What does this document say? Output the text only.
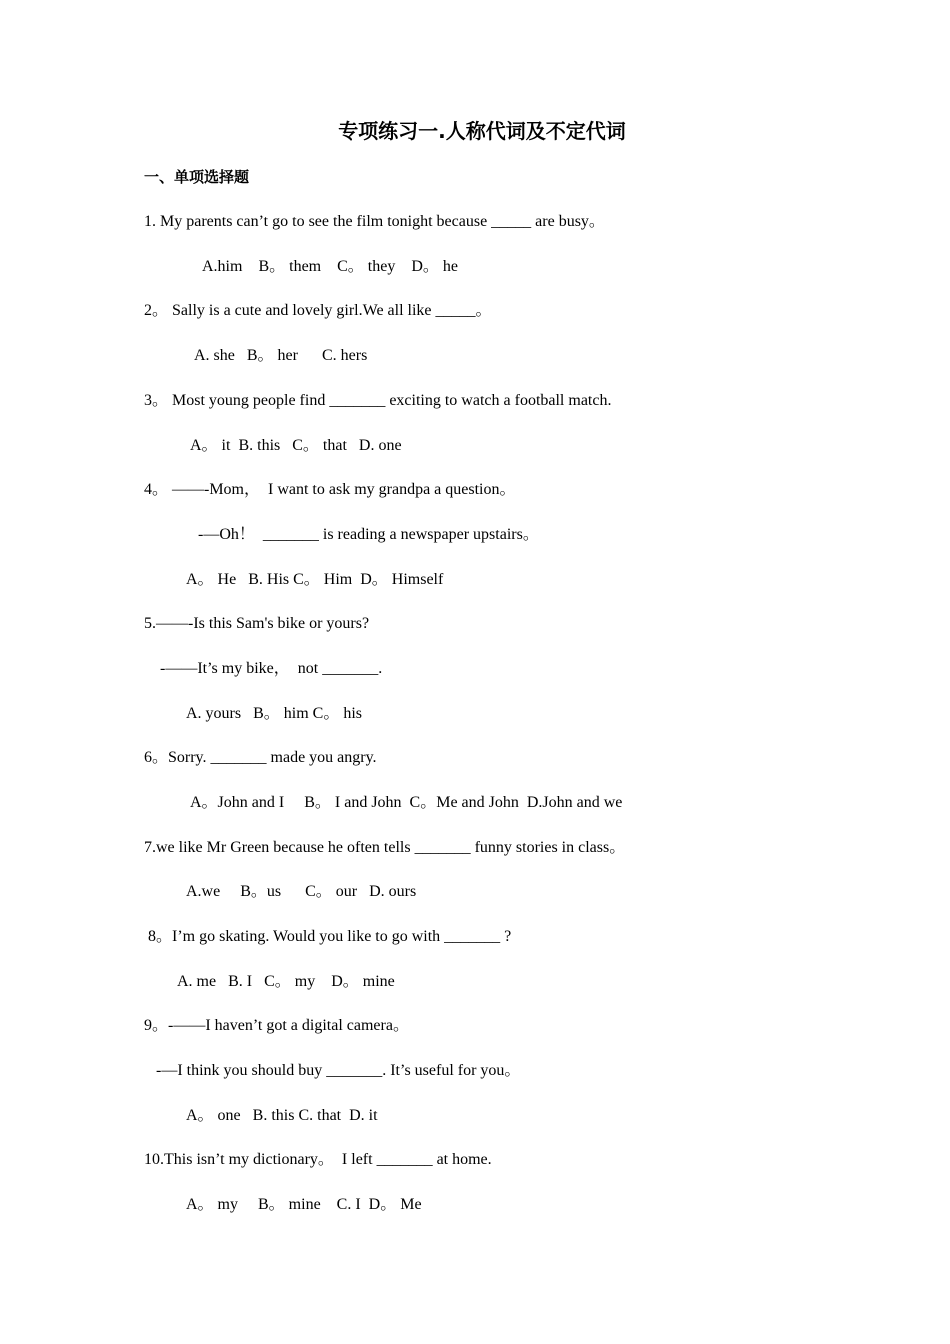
专项练习一.人称代词及不定代词
一、单项选择题
1. My parents can’t go to see the film tonight because _____ are busy。
A.him    B。 them    C。 they    D。 he
2。 Sally is a cute and lovely girl.We all like _____。
A. she   B。 her      C. hers
3。 Most young people find _______ exciting to watch a football match.
A。 it  B. this   C。 that   D. one
4。 ——-Mom，  I want to ask my grandpa a question。
-—Oh！  _______ is reading a newspaper upstairs。
A。 He   B. His C。 Him  D。 Himself
5.——-Is this Sam's bike or yours?
-——It’s my bike，  not _______.
A. yours   B。 him C。 his
6。Sorry. _______ made you angry.
A。John and I     B。 I and John  C。Me and John  D.John and we
7.we like Mr Green because he often tells _______ funny stories in class。
A.we     B。us      C。 our   D. ours
8。I’m go skating. Would you like to go with _______ ?
A. me   B. I   C。 my    D。 mine
9。-——I haven’t got a digital camera。
-—I think you should buy _______. It’s useful for you。
A。 one   B. this C. that  D. it
10.This isn’t my dictionary。  I left _______ at home.
A。 my     B。 mine    C. I  D。 Me
